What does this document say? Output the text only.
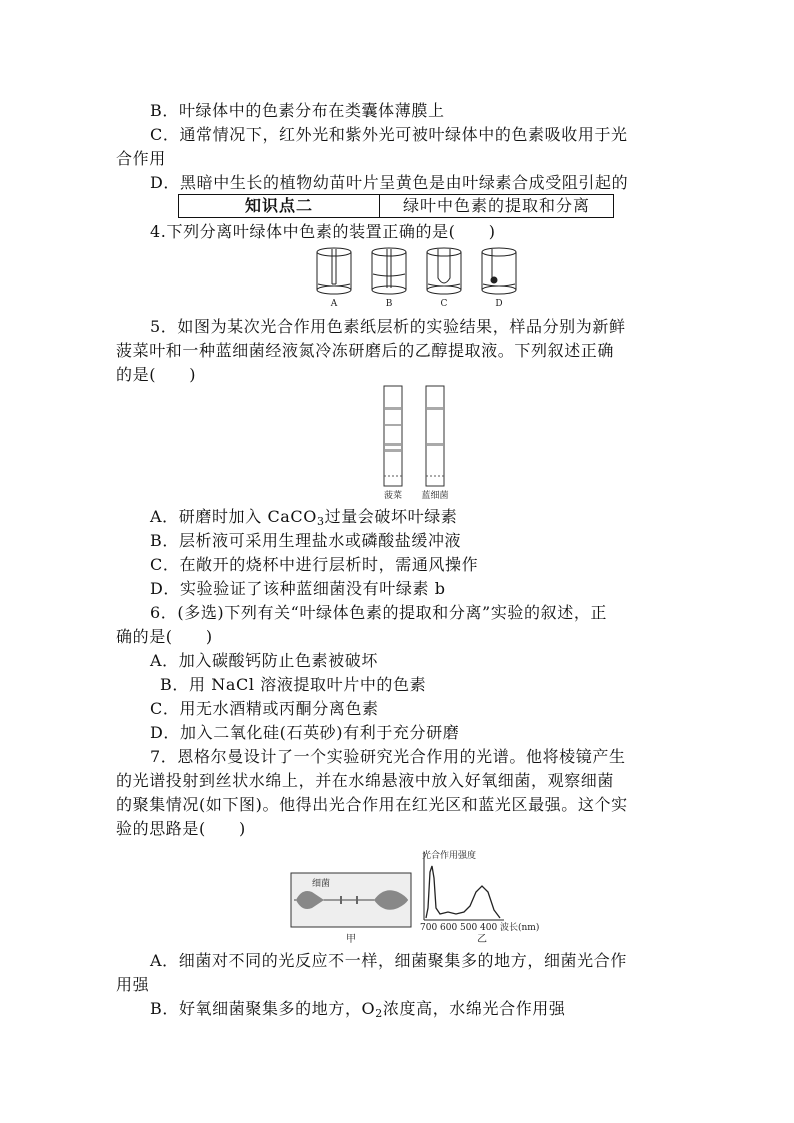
B．叶绿体中的色素分布在类囊体薄膜上
C．通常情况下，红外光和紫外光可被叶绿体中的色素吸收用于光
合作用
D．黑暗中生长的植物幼苗叶片呈黄色是由叶绿素合成受阻引起的
知识点二	绿叶中色素的提取和分离
4.下列分离叶绿体中色素的装置正确的是(　　)
A	B	C	D
5．如图为某次光合作用色素纸层析的实验结果，样品分别为新鲜
菠菜叶和一种蓝细菌经液氮冷冻研磨后的乙醇提取液。下列叙述正确
的是(　　)
菠菜 蓝细菌
A．研磨时加入 CaCO$_3$过量会破坏叶绿素
B．层析液可采用生理盐水或磷酸盐缓冲液
C．在敞开的烧杯中进行层析时，需通风操作
D．实验验证了该种蓝细菌没有叶绿素 b
6．(多选)下列有关“叶绿体色素的提取和分离”实验的叙述，正
确的是(　　)
A．加入碳酸钙防止色素被破坏
B．用 NaCl 溶液提取叶片中的色素
C．用无水酒精或丙酮分离色素
D．加入二氧化硅(石英砂)有利于充分研磨
7．恩格尔曼设计了一个实验研究光合作用的光谱。他将棱镜产生
的光谱投射到丝状水绵上，并在水绵悬液中放入好氧细菌，观察细菌
的聚集情况(如下图)。他得出光合作用在红光区和蓝光区最强。这个实
验的思路是(　　)
细菌
甲
光合作用强度
700 600 500 400 波长(nm)
乙
A．细菌对不同的光反应不一样，细菌聚集多的地方，细菌光合作
用强
B．好氧细菌聚集多的地方，$O_2$浓度高，水绵光合作用强
